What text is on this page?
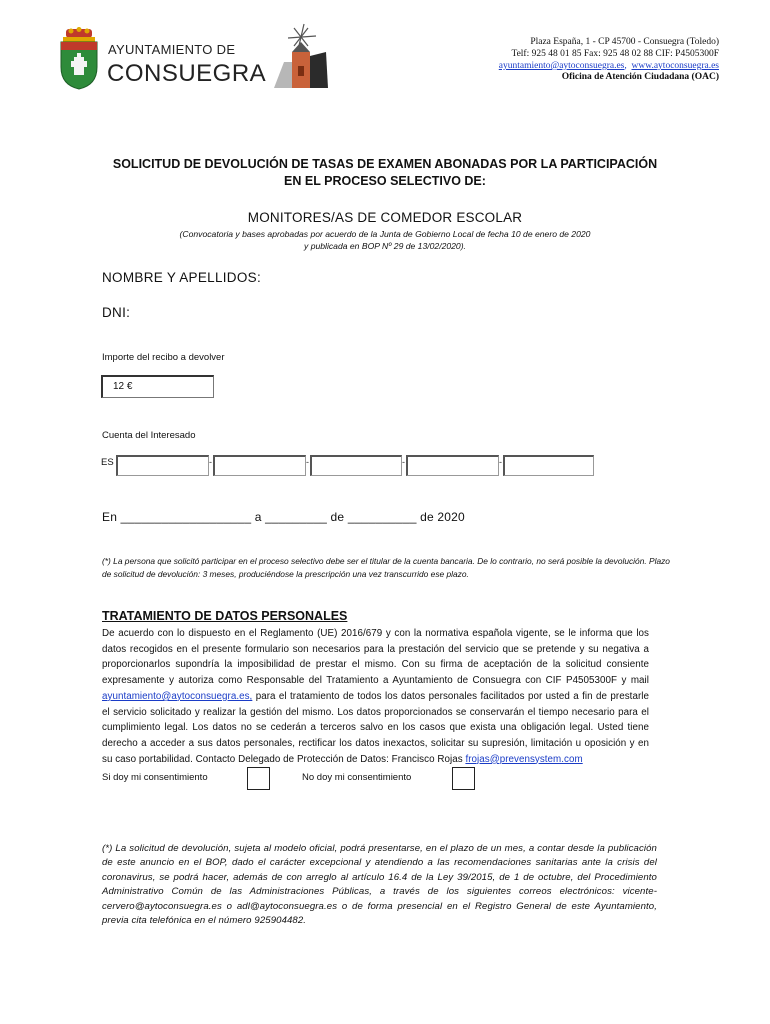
AYUNTAMIENTO DE
CONSUEGRA
Plaza España, 1 - CP 45700 - Consuegra (Toledo)
Telf: 925 48 01 85 Fax: 925 48 02 88 CIF: P4505300F
ayuntamiento@aytoconsuegra.es,  www.aytoconsuegra.es
Oficina de Atención Ciudadana (OAC)
SOLICITUD DE DEVOLUCIÓN DE TASAS DE EXAMEN ABONADAS POR LA PARTICIPACIÓN
EN EL PROCESO SELECTIVO DE:
MONITORES/AS DE COMEDOR ESCOLAR
(Convocatoria y bases aprobadas por acuerdo de la Junta de Gobierno Local de fecha 10 de enero de 2020
y publicada en BOP Nº 29 de 13/02/2020).
NOMBRE Y APELLIDOS:
DNI:
Importe del recibo a devolver
12 €
Cuenta del Interesado
ES	-	-	-	-
En ___________________ a _________ de __________ de 2020
(*) La persona que solicitó participar en el proceso selectivo debe ser el titular de la cuenta bancaria. De lo contrario, no será posible la devolución. Plazo de solicitud de devolución: 3 meses, produciéndose la prescripción una vez transcurrido ese plazo.
TRATAMIENTO DE DATOS PERSONALES
De acuerdo con lo dispuesto en el Reglamento (UE) 2016/679 y con la normativa española vigente, se le informa que los datos recogidos en el presente formulario son necesarios para la prestación del servicio que se pretende y su negativa a proporcionarlos supondría la imposibilidad de prestar el mismo. Con su firma de aceptación de la solicitud consiente expresamente y autoriza como Responsable del Tratamiento a Ayuntamiento de Consuegra con CIF P4505300F y mail ayuntamiento@aytoconsuegra.es, para el tratamiento de todos los datos personales facilitados por usted a fin de prestarle el servicio solicitado y realizar la gestión del mismo. Los datos proporcionados se conservarán el tiempo necesario para el cumplimiento legal. Los datos no se cederán a terceros salvo en los casos que exista una obligación legal. Usted tiene derecho a acceder a sus datos personales, rectificar los datos inexactos, solicitar su supresión, limitación u oposición y en su caso portabilidad. Contacto Delegado de Protección de Datos: Francisco Rojas frojas@prevensystem.com
Si doy mi consentimiento	No doy mi consentimiento
(*) La solicitud de devolución, sujeta al modelo oficial, podrá presentarse, en el plazo de un mes, a contar desde la publicación de este anuncio en el BOP, dado el carácter excepcional y atendiendo a las recomendaciones sanitarias ante la crisis del coronavirus, se podrá hacer, además de con arreglo al artículo 16.4 de la Ley 39/2015, de 1 de octubre, del Procedimiento Administrativo Común de las Administraciones Públicas, a través de los siguientes correos electrónicos: vicente-cervero@aytoconsuegra.es o adl@aytoconsuegra.es o de forma presencial en el Registro General de este Ayuntamiento, previa cita telefónica en el número 925904482.
